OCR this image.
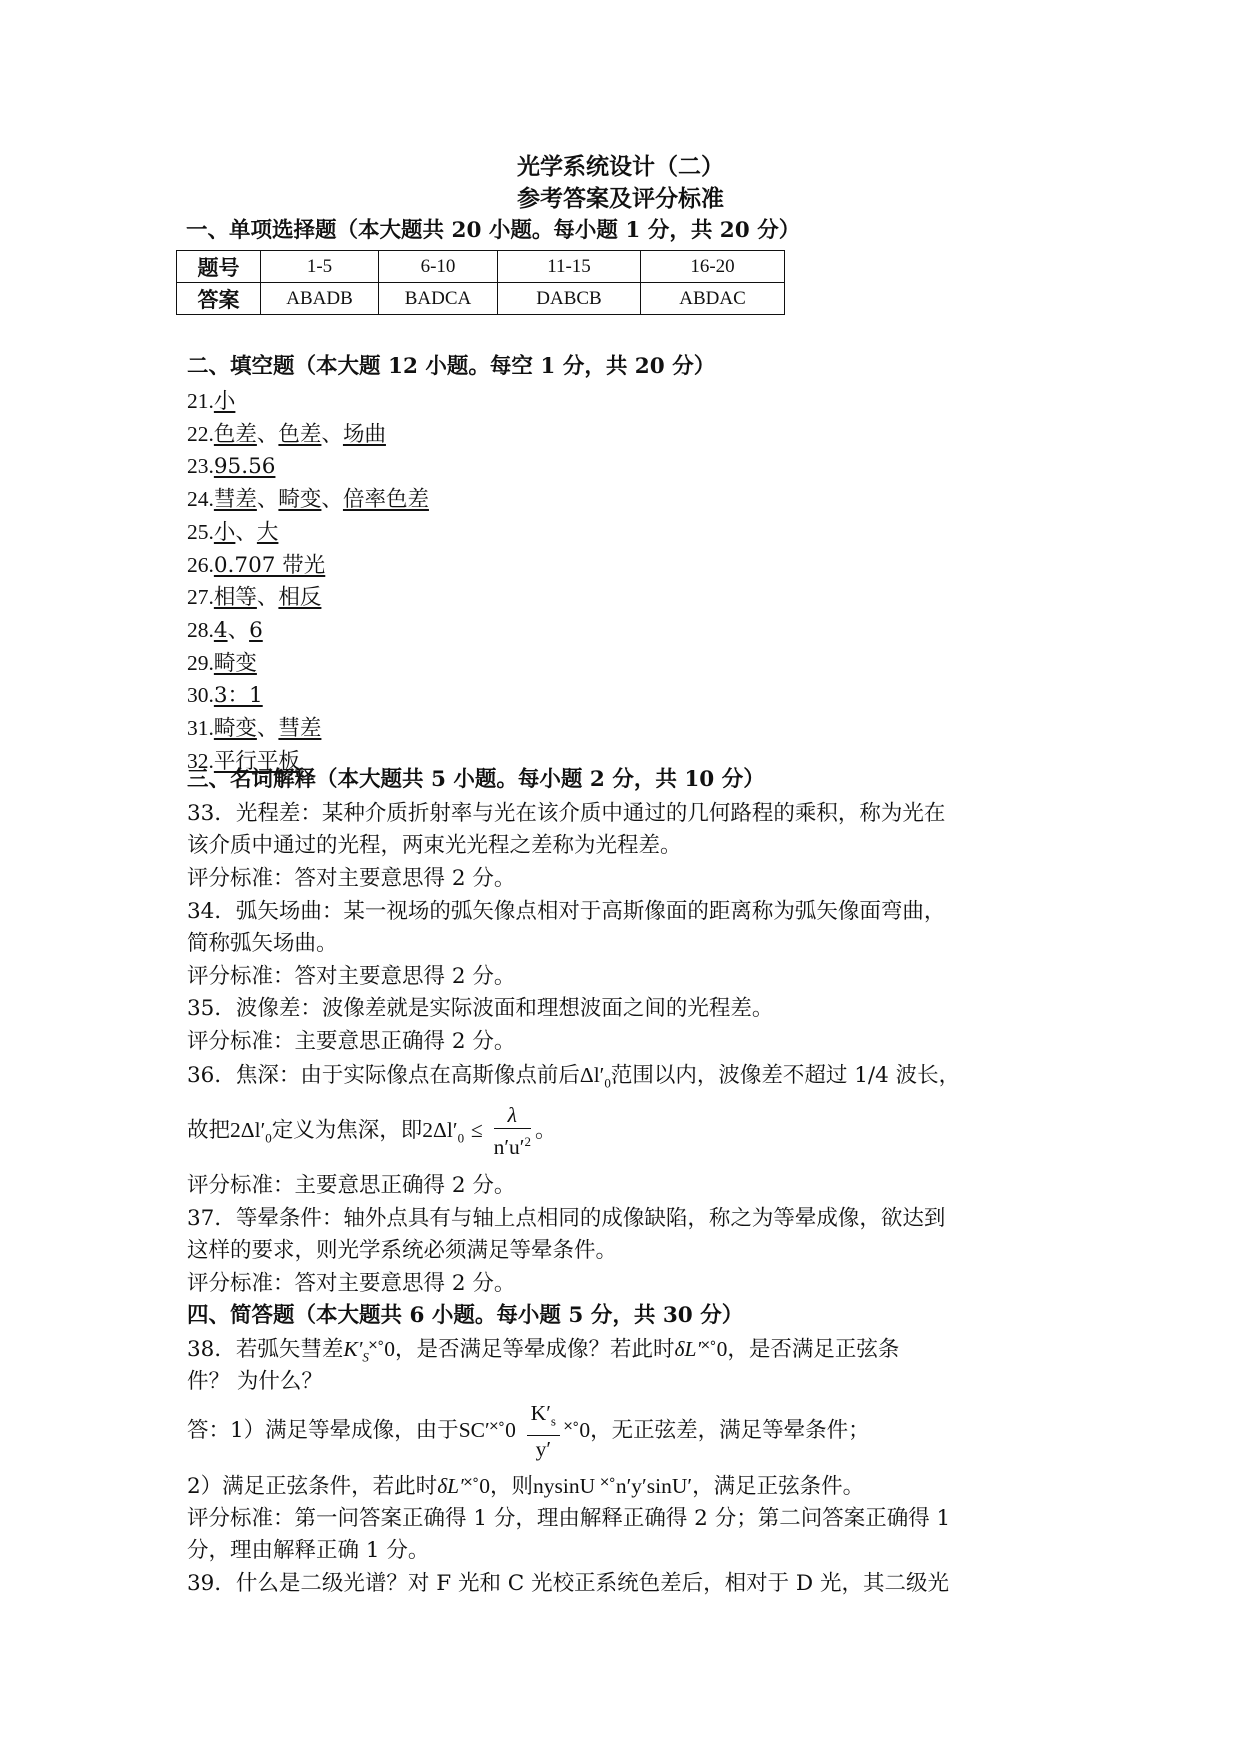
光学系统设计（二）
参考答案及评分标准
一、单项选择题（本大题共 20 小题。每小题 1 分，共 20 分）
题号	1-5	6-10	11-15	16-20
答案	ABADB	BADCA	DABCB	ABDAC
二、填空题（本大题 12 小题。每空 1 分，共 20 分）
21.小
22.色差、色差、场曲
23.95.56
24.彗差、畸变、倍率色差
25.小、大
26.0.707 带光
27.相等、相反
28.4、6
29.畸变
30.3：1
31.畸变、彗差
32.平行平板
三、名词解释（本大题共 5 小题。每小题 2 分，共 10 分）
33．光程差：某种介质折射率与光在该介质中通过的几何路程的乘积，称为光在
该介质中通过的光程，两束光光程之差称为光程差。
评分标准：答对主要意思得 2 分。
34．弧矢场曲：某一视场的弧矢像点相对于高斯像面的距离称为弧矢像面弯曲，
简称弧矢场曲。
评分标准：答对主要意思得 2 分。
35．波像差：波像差就是实际波面和理想波面之间的光程差。
评分标准：主要意思正确得 2 分。
36．焦深：由于实际像点在高斯像点前后$\Delta l'_0$范围以内，波像差不超过 1/4 波长，
故把$2\Delta l'_0$定义为焦深，即$2\Delta l'_0 \le \frac{\lambda}{n'u'^2}$ 。
评分标准：主要意思正确得 2 分。
37．等晕条件：轴外点具有与轴上点相同的成像缺陷，称之为等晕成像，欲达到
这样的要求，则光学系统必须满足等晕条件。
评分标准：答对主要意思得 2 分。
四、简答题（本大题共 6 小题。每小题 5 分，共 30 分）
38．若弧矢彗差$K'_S˟˚0$，是否满足等晕成像？若此时δL′˟˚0，是否满足正弦条
件？ 为什么？
答：1）满足等晕成像，由于SC′˟˚0 $\frac{K'_s}{y'}$ ˟˚0，无正弦差，满足等晕条件；
2）满足正弦条件，若此时δL′˟˚0，则nysinU ˟˚n′y′sinU′，满足正弦条件。
评分标准：第一问答案正确得 1 分，理由解释正确得 2 分；第二问答案正确得 1
分，理由解释正确 1 分。
39．什么是二级光谱？对 F 光和 C 光校正系统色差后，相对于 D 光，其二级光
